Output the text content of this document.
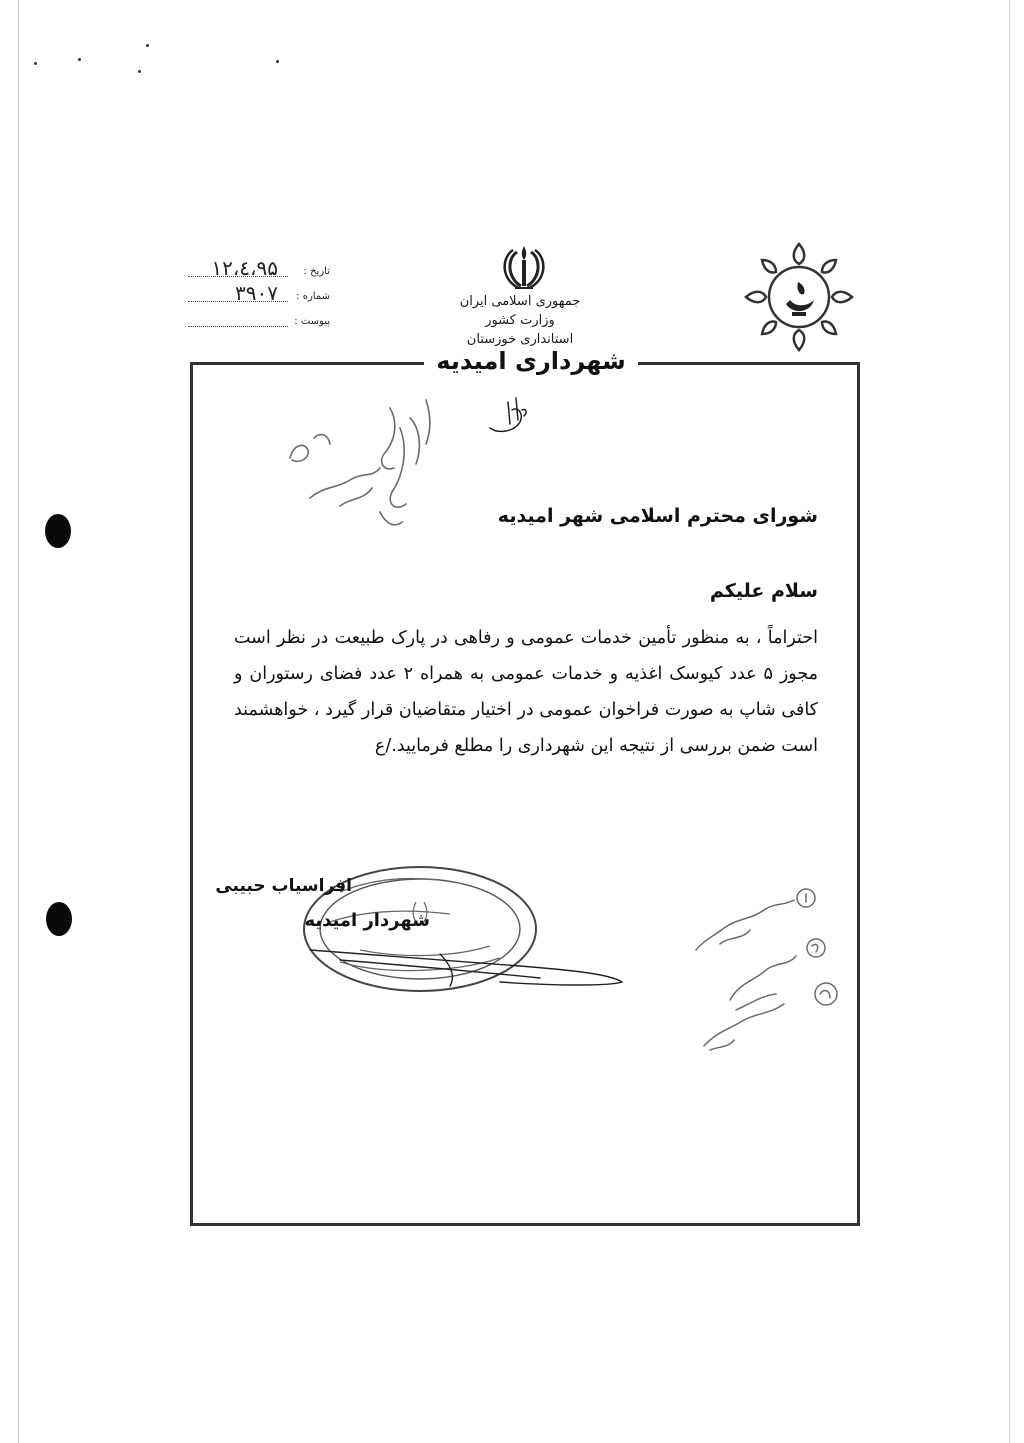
تاریخ :
۹۵،٤،۱۲
شماره :
۳۹۰۷
پیوست :
جمهوری اسلامی ایران
وزارت کشور
استانداری خوزستان
شهرداری امیدیه
شورای محترم اسلامی شهر امیدیه
سلام علیکم
احتراماً ، به منظور تأمین خدمات عمومی و رفاهی در پارک طبیعت در نظر است مجوز ۵ عدد کیوسک اغذیه و خدمات عمومی به همراه ۲ عدد فضای رستوران و کافی شاپ به صورت فراخوان عمومی در اختیار متقاضیان قرار گیرد ، خواهشمند است ضمن بررسی از نتیجه این شهرداری را مطلع فرمایید./ع
افراسیاب حبیبی
شهردار امیدیه
